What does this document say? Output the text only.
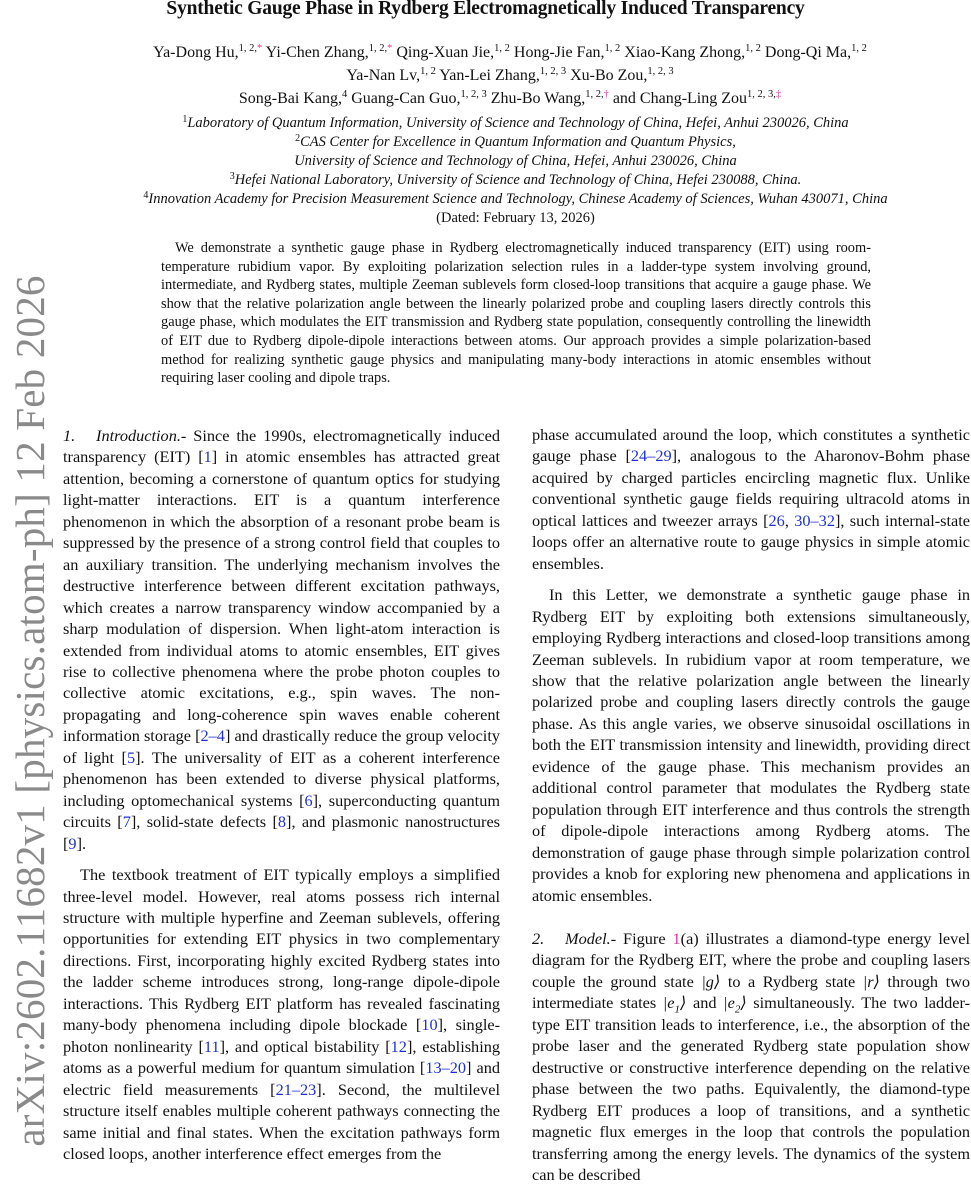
arXiv:2602.11682v1 [physics.atom-ph] 12 Feb 2026
Synthetic Gauge Phase in Rydberg Electromagnetically Induced Transparency
Ya-Dong Hu,$^{1, 2,*}$ Yi-Chen Zhang,$^{1, 2,*}$ Qing-Xuan Jie,$^{1, 2}$ Hong-Jie Fan,$^{1, 2}$ Xiao-Kang Zhong,$^{1, 2}$ Dong-Qi Ma,$^{1, 2}$ Ya-Nan Lv,$^{1, 2}$ Yan-Lei Zhang,$^{1, 2, 3}$ Xu-Bo Zou,$^{1, 2, 3}$
Song-Bai Kang,$^4$ Guang-Can Guo,$^{1, 2, 3}$ Zhu-Bo Wang,$^{1, 2,\dagger}$ and Chang-Ling Zou$^{1, 2, 3,\ddagger}$
$^1$Laboratory of Quantum Information, University of Science and Technology of China, Hefei, Anhui 230026, China
$^2$CAS Center for Excellence in Quantum Information and Quantum Physics,
University of Science and Technology of China, Hefei, Anhui 230026, China
$^3$Hefei National Laboratory, University of Science and Technology of China, Hefei 230088, China.
$^4$Innovation Academy for Precision Measurement Science and Technology, Chinese Academy of Sciences, Wuhan 430071, China
(Dated: February 13, 2026)
We demonstrate a synthetic gauge phase in Rydberg electromagnetically induced transparency (EIT) using room-temperature rubidium vapor. By exploiting polarization selection rules in a ladder-type system involving ground, intermediate, and Rydberg states, multiple Zeeman sublevels form closed-loop transitions that acquire a gauge phase. We show that the relative polarization angle between the linearly polarized probe and coupling lasers directly controls this gauge phase, which modulates the EIT transmission and Rydberg state population, consequently controlling the linewidth of EIT due to Rydberg dipole-dipole interactions between atoms. Our approach provides a simple polarization-based method for realizing synthetic gauge physics and manipulating many-body interactions in atomic ensembles without requiring laser cooling and dipole traps.

1. Introduction.- Since the 1990s, electromagnetically induced transparency (EIT) [1] in atomic ensembles has attracted great attention, becoming a cornerstone of quantum optics for studying light-matter interactions. EIT is a quantum interference phenomenon in which the absorption of a resonant probe beam is suppressed by the presence of a strong control field that couples to an auxiliary transition. The underlying mechanism involves the destructive interference between different excitation pathways, which creates a narrow transparency window accompanied by a sharp modulation of dispersion. When light-atom interaction is extended from individual atoms to atomic ensembles, EIT gives rise to collective phenomena where the probe photon couples to collective atomic excitations, e.g., spin waves. The non-propagating and long-coherence spin waves enable coherent information storage [2–4] and drastically reduce the group velocity of light [5]. The universality of EIT as a coherent interference phenomenon has been extended to diverse physical platforms, including optomechanical systems [6], superconducting quantum circuits [7], solid-state defects [8], and plasmonic nanostructures [9].

The textbook treatment of EIT typically employs a simplified three-level model. However, real atoms possess rich internal structure with multiple hyperfine and Zeeman sublevels, offering opportunities for extending EIT physics in two complementary directions. First, incorporating highly excited Rydberg states into the ladder scheme introduces strong, long-range dipole-dipole interactions. This Rydberg EIT platform has revealed fascinating many-body phenomena including dipole blockade [10], single-photon nonlinearity [11], and optical bistability [12], establishing atoms as a powerful medium for quantum simulation [13–20] and electric field measurements [21–23]. Second, the multilevel structure itself enables multiple coherent pathways connecting the same initial and final states. When the excitation pathways form closed loops, another interference effect emerges from the

phase accumulated around the loop, which constitutes a synthetic gauge phase [24–29], analogous to the Aharonov-Bohm phase acquired by charged particles encircling magnetic flux. Unlike conventional synthetic gauge fields requiring ultracold atoms in optical lattices and tweezer arrays [26, 30–32], such internal-state loops offer an alternative route to gauge physics in simple atomic ensembles.

In this Letter, we demonstrate a synthetic gauge phase in Rydberg EIT by exploiting both extensions simultaneously, employing Rydberg interactions and closed-loop transitions among Zeeman sublevels. In rubidium vapor at room temperature, we show that the relative polarization angle between the linearly polarized probe and coupling lasers directly controls the gauge phase. As this angle varies, we observe sinusoidal oscillations in both the EIT transmission intensity and linewidth, providing direct evidence of the gauge phase. This mechanism provides an additional control parameter that modulates the Rydberg state population through EIT interference and thus controls the strength of dipole-dipole interactions among Rydberg atoms. The demonstration of gauge phase through simple polarization control provides a knob for exploring new phenomena and applications in atomic ensembles.

2. Model.- Figure 1(a) illustrates a diamond-type energy level diagram for the Rydberg EIT, where the probe and coupling lasers couple the ground state |g⟩ to a Rydberg state |r⟩ through two intermediate states $|e_1⟩$ and $|e_2⟩$ simultaneously. The two ladder-type EIT transition leads to interference, i.e., the absorption of the probe laser and the generated Rydberg state population show destructive or constructive interference depending on the relative phase between the two paths. Equivalently, the diamond-type Rydberg EIT produces a loop of transitions, and a synthetic magnetic flux emerges in the loop that controls the population transferring among the energy levels. The dynamics of the system can be described
